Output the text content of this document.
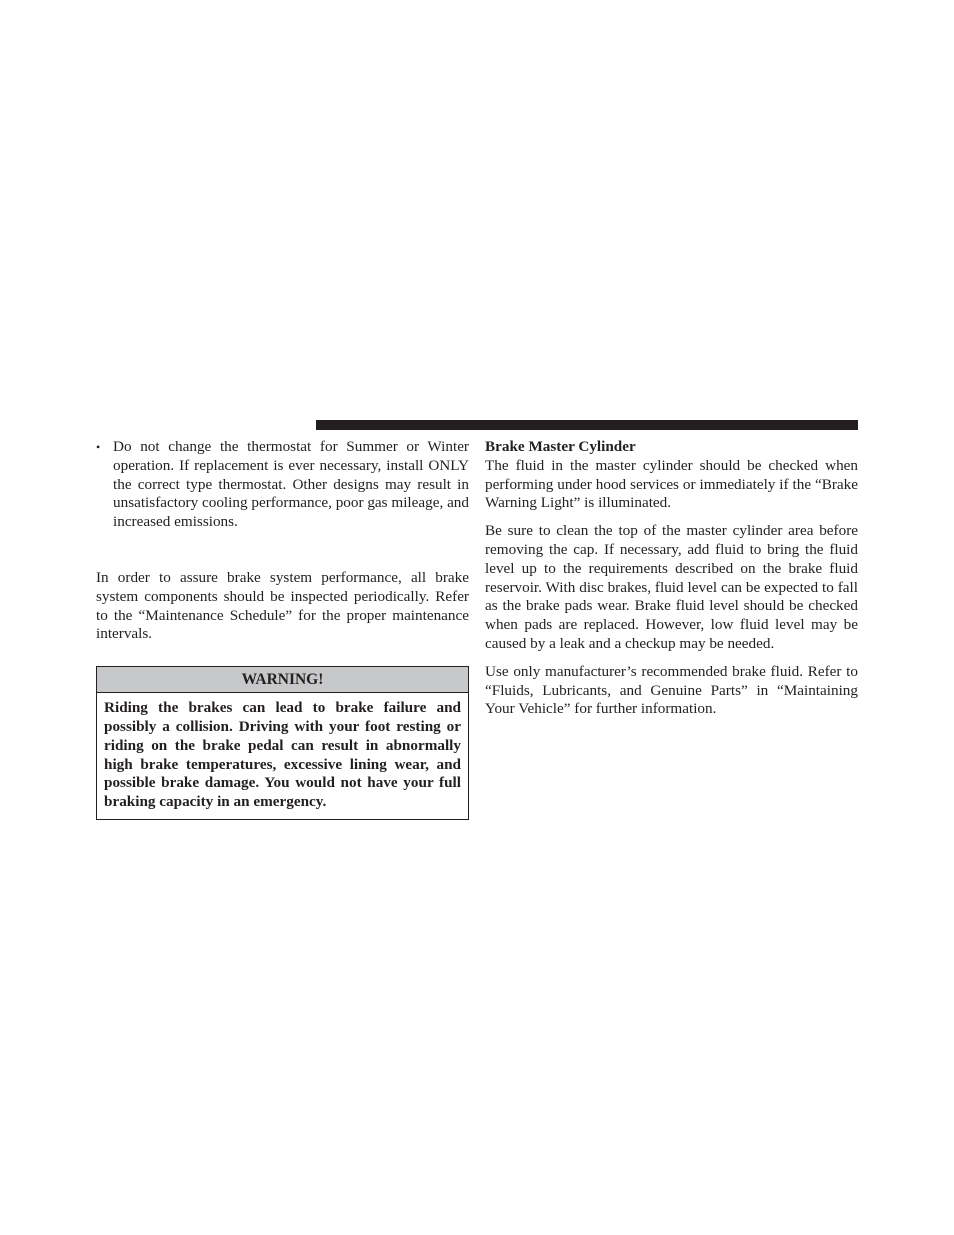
• Do not change the thermostat for Summer or Winter operation. If replacement is ever necessary, install ONLY the correct type thermostat. Other designs may result in unsatisfactory cooling performance, poor gas mileage, and increased emissions.

In order to assure brake system performance, all brake system components should be inspected periodically. Refer to the “Maintenance Schedule” for the proper maintenance intervals.

WARNING!
Riding the brakes can lead to brake failure and possibly a collision. Driving with your foot resting or riding on the brake pedal can result in abnormally high brake temperatures, excessive lining wear, and possible brake damage. You would not have your full braking capacity in an emergency.
Brake Master Cylinder

The fluid in the master cylinder should be checked when performing under hood services or immediately if the “Brake Warning Light” is illuminated.

Be sure to clean the top of the master cylinder area before removing the cap. If necessary, add fluid to bring the fluid level up to the requirements described on the brake fluid reservoir. With disc brakes, fluid level can be expected to fall as the brake pads wear. Brake fluid level should be checked when pads are replaced. However, low fluid level may be caused by a leak and a checkup may be needed.

Use only manufacturer’s recommended brake fluid. Refer to “Fluids, Lubricants, and Genuine Parts” in “Maintaining Your Vehicle” for further information.
